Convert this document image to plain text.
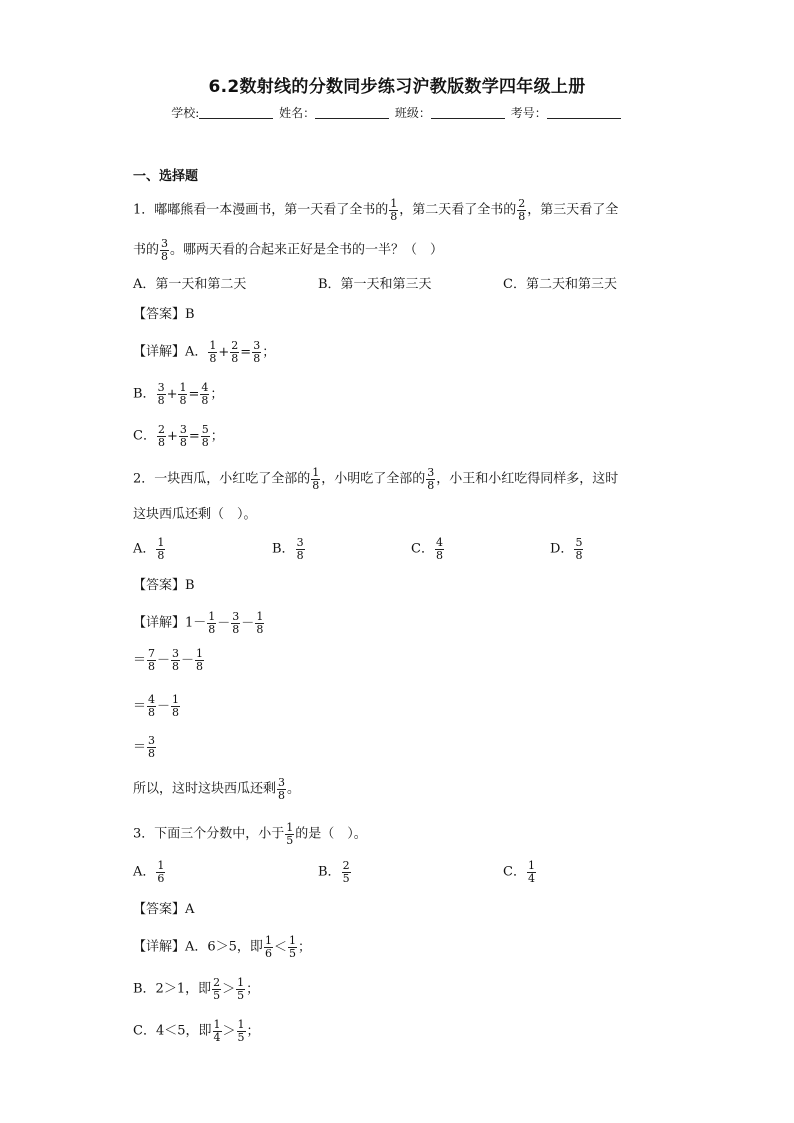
6.2数射线的分数同步练习沪教版数学四年级上册
学校:	姓名：	班级：	考号：
一、选择题
1．嘟嘟熊看一本漫画书，第一天看了全书的 $\frac{1}{8}$ ，第二天看了全书的 $\frac{2}{8}$ ，第三天看了全
书的 $\frac{3}{8}$ 。哪两天看的合起来正好是全书的一半？（　）
A．第一天和第二天	B．第一天和第三天	C．第二天和第三天
【答案】B
【详解】A． $\frac{1}{8} + \frac{2}{8} = \frac{3}{8}$ ；
B． $\frac{3}{8} + \frac{1}{8} = \frac{4}{8}$ ；
C． $\frac{2}{8} + \frac{3}{8} = \frac{5}{8}$ ；
2．一块西瓜，小红吃了全部的 $\frac{1}{8}$ ，小明吃了全部的 $\frac{3}{8}$ ，小王和小红吃得同样多，这时
这块西瓜还剩（　）。
A． $\frac{1}{8}$	B． $\frac{3}{8}$	C． $\frac{4}{8}$	D． $\frac{5}{8}$
【答案】B
【详解】$1- \frac{1}{8} - \frac{3}{8} - \frac{1}{8}$
＝ $\frac{7}{8} - \frac{3}{8} - \frac{1}{8}$
＝ $\frac{4}{8} - \frac{1}{8}$
＝ $\frac{3}{8}$
所以，这时这块西瓜还剩 $\frac{3}{8}$ 。
3．下面三个分数中，小于 $\frac{1}{5}$ 的是（　）。
A． $\frac{1}{6}$	B． $\frac{2}{5}$	C． $\frac{1}{4}$
【答案】A
【详解】A．6＞5，即 $\frac{1}{6} < \frac{1}{5}$ ；
B．2＞1，即 $\frac{2}{5} > \frac{1}{5}$ ；
C．4＜5，即 $\frac{1}{4} > \frac{1}{5}$ ；
